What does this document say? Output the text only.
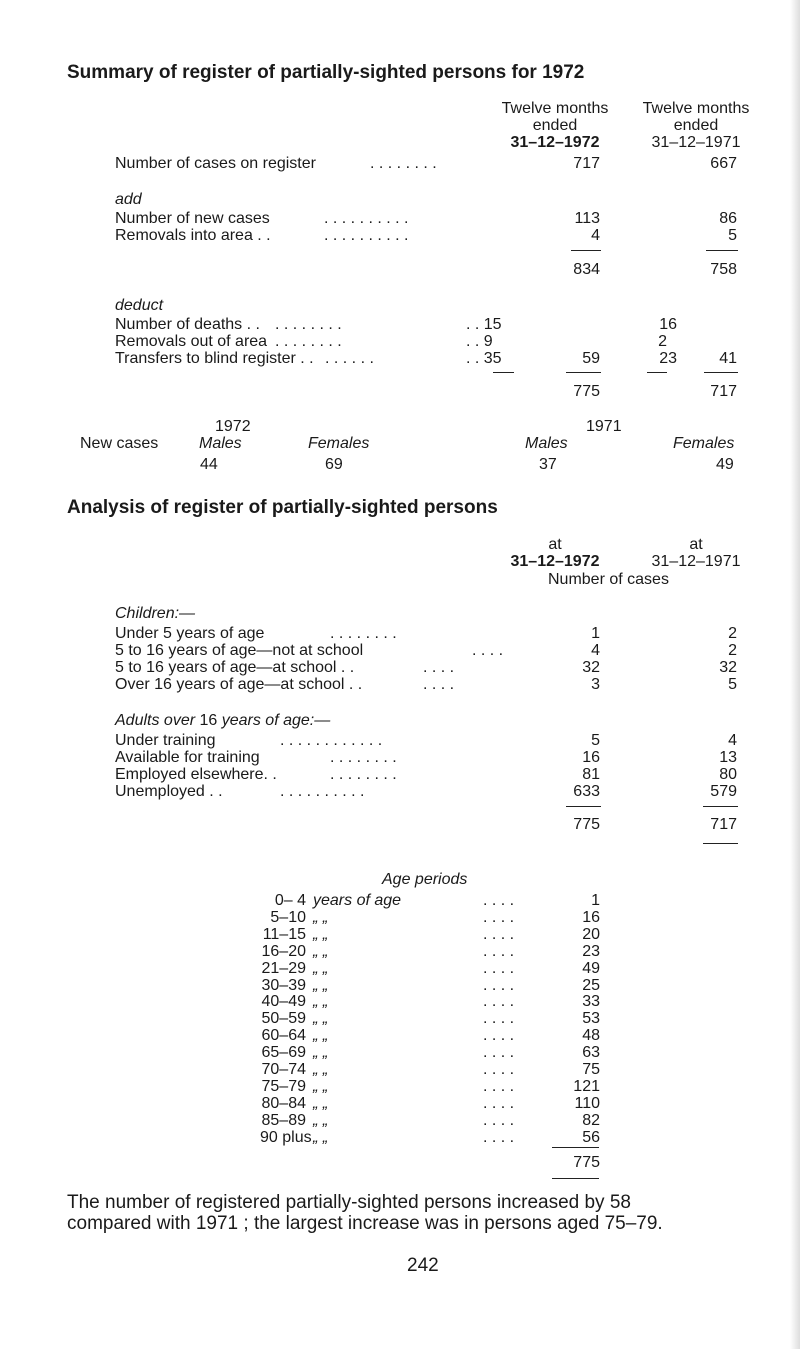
Summary of register of partially-sighted persons for 1972
Twelve months
ended
31–12–1972
Twelve months
ended
31–12–1971
Number of cases on register	. . . . . . . .	717	667
add
Number of new cases	. . . . . . . . . .	113	86
Removals into area . .	. . . . . . . . . .	4	5
834	758
deduct
Number of deaths . . . . . . . . . .	. . 15	16
Removals out of area . . . . . . . .	. . 9	2
Transfers to blind register . . . . . . . .	. . 35	59	23	41
775	717
1972	1971
New cases	Males	Females	Males	Females
44	69	37	49
Analysis of register of partially-sighted persons
at
31–12–1972
at
31–12–1971
Number of cases
Children:—
Under 5 years of age	. . . . . . . .	1	2
5 to 16 years of age—not at school	. . . .	4	2
5 to 16 years of age—at school . .	. . . .	32	32
Over 16 years of age—at school . .	. . . .	3	5
Adults over 16 years of age:—
Under training	. . . . . . . . . . . .	5	4
Available for training	. . . . . . . .	16	13
Employed elsewhere. .	. . . . . . . .	81	80
Unemployed . .	. . . . . . . . . .	633	579
775	717
Age periods
0– 4 years of age	. . . .	1
5–10 „ „	. . . .	16
11–15 „ „	. . . .	20
16–20 „ „	. . . .	23
21–29 „ „	. . . .	49
30–39 „ „	. . . .	25
40–49 „ „	. . . .	33
50–59 „ „	. . . .	53
60–64 „ „	. . . .	48
65–69 „ „	. . . .	63
70–74 „ „	. . . .	75
75–79 „ „	. . . .	121
80–84 „ „	. . . .	110
85–89 „ „	. . . .	82
90 plus „ „	. . . .	56
775
The number of registered partially-sighted persons increased by 58
compared with 1971 ; the largest increase was in persons aged 75–79.
242
